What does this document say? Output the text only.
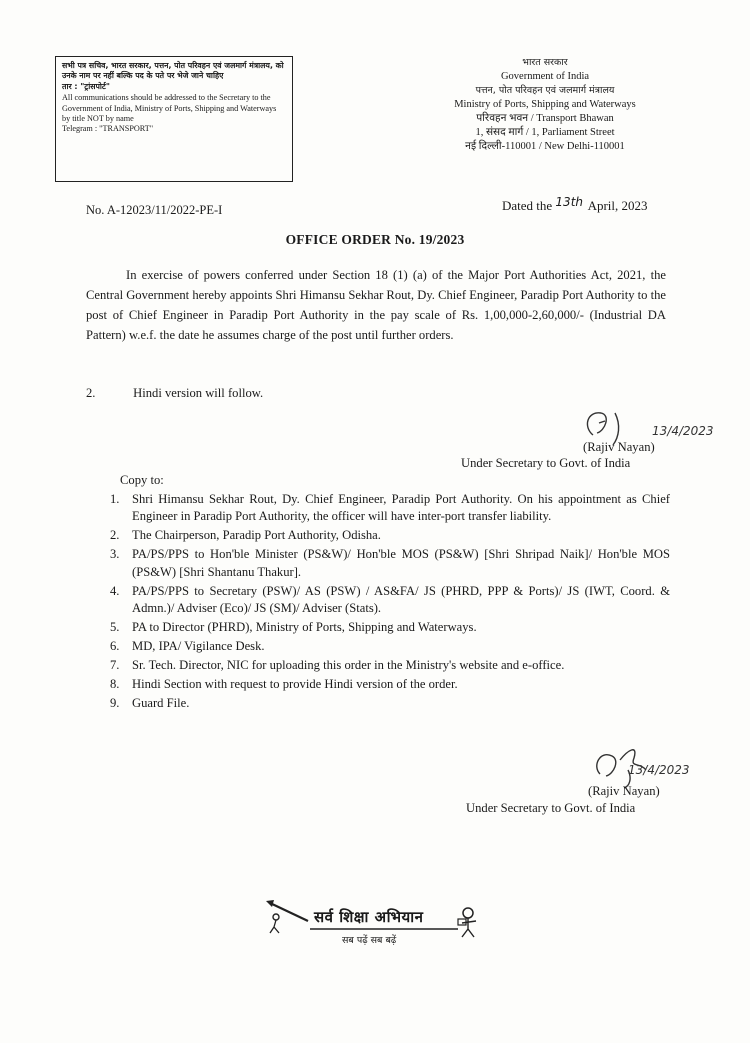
सभी पत्र सचिव, भारत सरकार, पत्तन, पोत परिवहन एवं जलमार्ग मंत्रालय, को उनके नाम पर नहीं बल्कि पद के पते पर भेजे जाने चाहिए
तार : "ट्रांसपोर्ट"
All communications should be addressed to the Secretary to the Government of India, Ministry of Ports, Shipping and Waterways by title NOT by name
Telegram : "TRANSPORT"
भारत सरकार
Government of India
पत्तन, पोत परिवहन एवं जलमार्ग मंत्रालय
Ministry of Ports, Shipping and Waterways
परिवहन भवन / Transport Bhawan
1, संसद मार्ग / 1, Parliament Street
नई दिल्ली-110001 / New Delhi-110001
No. A-12023/11/2022-PE-I	Dated the 13th April, 2023
OFFICE ORDER No. 19/2023
In exercise of powers conferred under Section 18 (1) (a) of the Major Port Authorities Act, 2021, the Central Government hereby appoints Shri Himansu Sekhar Rout, Dy. Chief Engineer, Paradip Port Authority to the post of Chief Engineer in Paradip Port Authority in the pay scale of Rs. 1,00,000-2,60,000/- (Industrial DA Pattern) w.e.f. the date he assumes charge of the post until further orders.
2.	Hindi version will follow.
13/4/2023
(Rajiv Nayan)
Under Secretary to Govt. of India
Copy to:
1. Shri Himansu Sekhar Rout, Dy. Chief Engineer, Paradip Port Authority. On his appointment as Chief Engineer in Paradip Port Authority, the officer will have inter-port transfer liability.
2. The Chairperson, Paradip Port Authority, Odisha.
3. PA/PS/PPS to Hon'ble Minister (PS&W)/ Hon'ble MOS (PS&W) [Shri Shripad Naik]/ Hon'ble MOS (PS&W) [Shri Shantanu Thakur].
4. PA/PS/PPS to Secretary (PSW)/ AS (PSW) / AS&FA/ JS (PHRD, PPP & Ports)/ JS (IWT, Coord. & Admn.)/ Adviser (Eco)/ JS (SM)/ Adviser (Stats).
5. PA to Director (PHRD), Ministry of Ports, Shipping and Waterways.
6. MD, IPA/ Vigilance Desk.
7. Sr. Tech. Director, NIC for uploading this order in the Ministry's website and e-office.
8. Hindi Section with request to provide Hindi version of the order.
9. Guard File.
13/4/2023
(Rajiv Nayan)
Under Secretary to Govt. of India
सर्व शिक्षा अभियान
सब पढ़ें सब बढ़ें
